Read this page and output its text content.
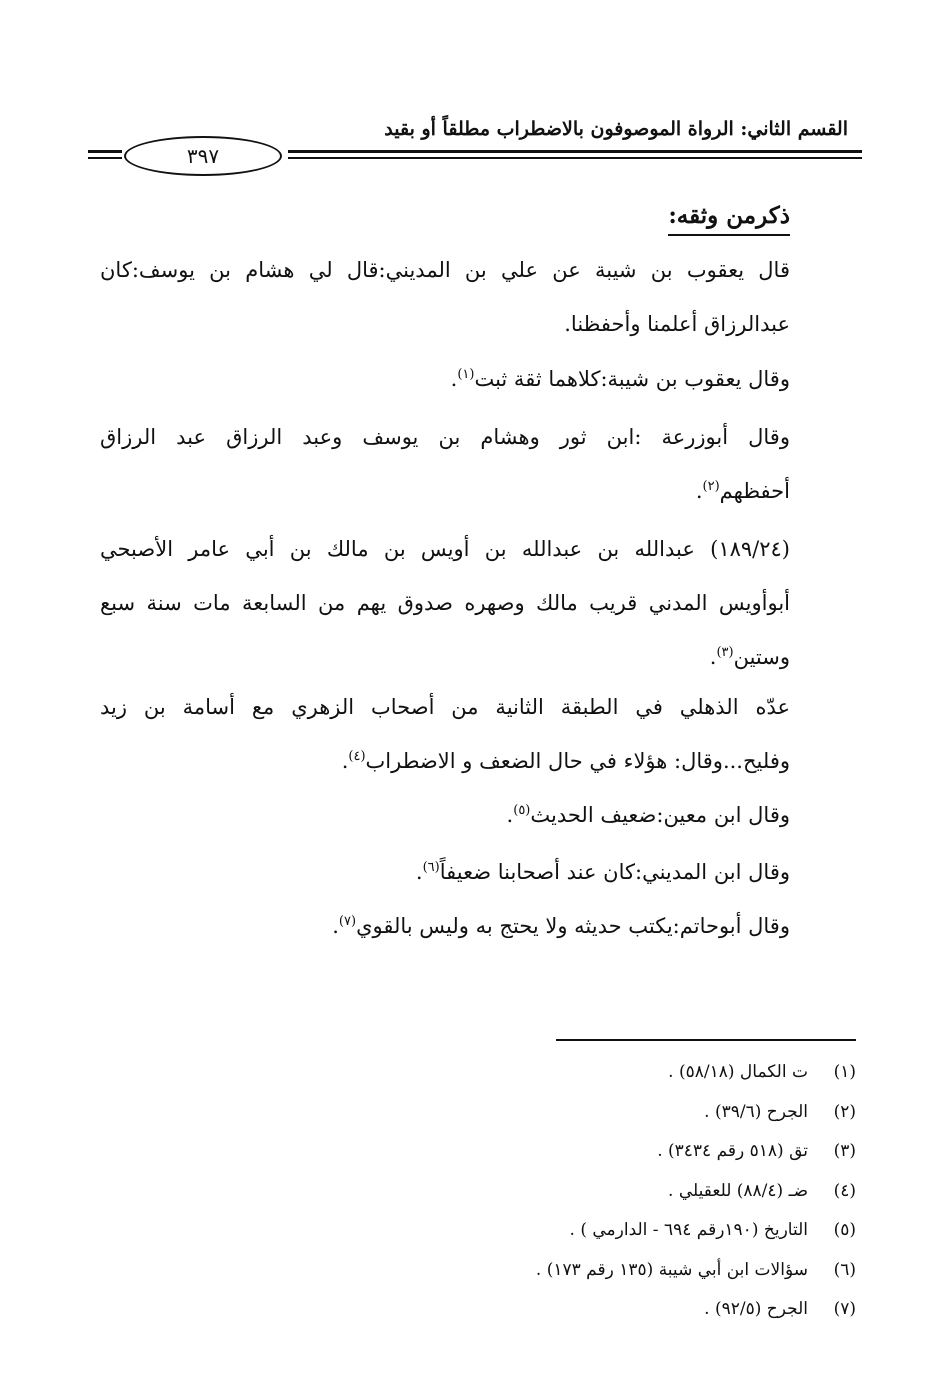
القسم الثاني: الرواة الموصوفون بالاضطراب مطلقاً أو بقيد
٣٩٧
ذكرمن وثقه:
قال يعقوب بن شيبة عن علي بن المديني:قال لي هشام بن يوسف:كان
عبدالرزاق أعلمنا وأحفظنا.
وقال يعقوب بن شيبة:كلاهما ثقة ثبت$^{(١)}$.
وقال أبوزرعة :ابن ثور وهشام بن يوسف وعبد الرزاق عبد الرزاق
أحفظهم$^{(٢)}$.
(١٨٩/٢٤) عبدالله بن عبدالله بن أويس بن مالك بن أبي عامر الأصبحي
أبوأويس المدني قريب مالك وصهره صدوق يهم من السابعة مات سنة سبع
وستين$^{(٣)}$.
عدّه الذهلي في الطبقة الثانية من أصحاب الزهري مع أسامة بن زيد
وفليح...وقال: هؤلاء في حال الضعف و الاضطراب$^{(٤)}$.
وقال ابن معين:ضعيف الحديث$^{(٥)}$.
وقال ابن المديني:كان عند أصحابنا ضعيفاً$^{(٦)}$.
وقال أبوحاتم:يكتب حديثه ولا يحتج به وليس بالقوي$^{(٧)}$.
(١)ت الكمال (٥٨/١٨) .
(٢)الجرح (٣٩/٦) .
(٣)تق (٥١٨ رقم ٣٤٣٤) .
(٤)ضـ (٨٨/٤) للعقيلي .
(٥)التاريخ (١٩٠رقم ٦٩٤ - الدارمي ) .
(٦)سؤالات ابن أبي شيبة (١٣٥ رقم ١٧٣) .
(٧)الجرح (٩٢/٥) .
